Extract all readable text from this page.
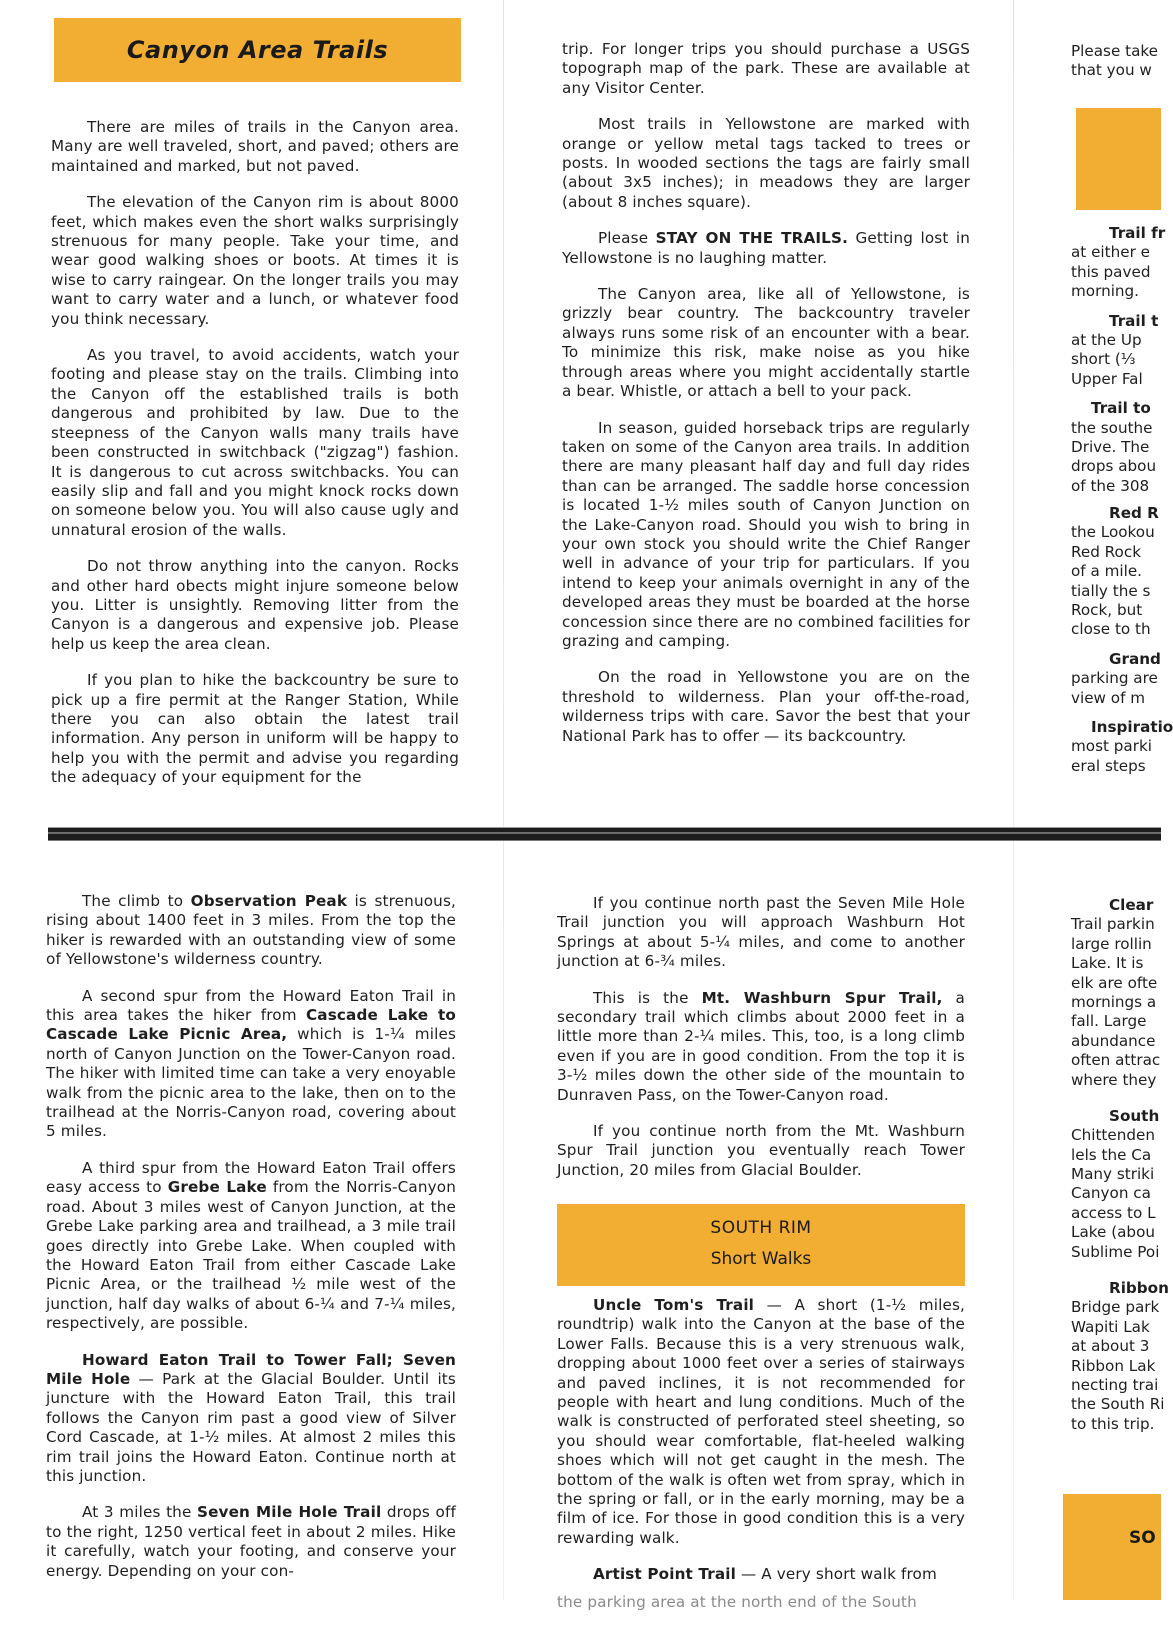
Canyon Area Trails

There are miles of trails in the Canyon area. Many are well traveled, short, and paved; others are maintained and marked, but not paved.

The elevation of the Canyon rim is about 8000 feet, which makes even the short walks surprisingly strenuous for many people. Take your time, and wear good walking shoes or boots. At times it is wise to carry raingear. On the longer trails you may want to carry water and a lunch, or whatever food you think necessary.

As you travel, to avoid accidents, watch your footing and please stay on the trails. Climbing into the Canyon off the established trails is both dangerous and prohibited by law. Due to the steepness of the Canyon walls many trails have been constructed in switchback ("zigzag") fashion. It is dangerous to cut across switchbacks. You can easily slip and fall and you might knock rocks down on someone below you. You will also cause ugly and unnatural erosion of the walls.

Do not throw anything into the canyon. Rocks and other hard obects might injure someone below you. Litter is unsightly. Removing litter from the Canyon is a dangerous and expensive job. Please help us keep the area clean.

If you plan to hike the backcountry be sure to pick up a fire permit at the Ranger Station, While there you can also obtain the latest trail information. Any person in uniform will be happy to help you with the permit and advise you regarding the adequacy of your equipment for the

trip. For longer trips you should purchase a USGS topograph map of the park. These are available at any Visitor Center.

Most trails in Yellowstone are marked with orange or yellow metal tags tacked to trees or posts. In wooded sections the tags are fairly small (about 3x5 inches); in meadows they are larger (about 8 inches square).

Please STAY ON THE TRAILS. Getting lost in Yellowstone is no laughing matter.

The Canyon area, like all of Yellowstone, is grizzly bear country. The backcountry traveler always runs some risk of an encounter with a bear. To minimize this risk, make noise as you hike through areas where you might accidentally startle a bear. Whistle, or attach a bell to your pack.

In season, guided horseback trips are regularly taken on some of the Canyon area trails. In addition there are many pleasant half day and full day rides than can be arranged. The saddle horse concession is located 1-½ miles south of Canyon Junction on the Lake-Canyon road. Should you wish to bring in your own stock you should write the Chief Ranger well in advance of your trip for particulars. If you intend to keep your animals overnight in any of the developed areas they must be boarded at the horse concession since there are no combined facilities for grazing and camping.

On the road in Yellowstone you are on the threshold to wilderness. Plan your off-the-road, wilderness trips with care. Savor the best that your National Park has to offer — its backcountry.

Please take
that you w
Trail fr
at either e
this paved
morning.
Trail t
at the Up
short (⅓
Upper Fal
Trail to
the southe
Drive. The
drops abou
of the 308
Red R
the Lookou
Red Rock
of a mile.
tially the s
Rock, but
close to th
Grand
parking are
view of m
Inspiratio
most parki
eral steps

The climb to Observation Peak is strenuous, rising about 1400 feet in 3 miles. From the top the hiker is rewarded with an outstanding view of some of Yellowstone's wilderness country.

A second spur from the Howard Eaton Trail in this area takes the hiker from Cascade Lake to Cascade Lake Picnic Area, which is 1-¼ miles north of Canyon Junction on the Tower-Canyon road. The hiker with limited time can take a very enoyable walk from the picnic area to the lake, then on to the trailhead at the Norris-Canyon road, covering about 5 miles.

A third spur from the Howard Eaton Trail offers easy access to Grebe Lake from the Norris-Canyon road. About 3 miles west of Canyon Junction, at the Grebe Lake parking area and trailhead, a 3 mile trail goes directly into Grebe Lake. When coupled with the Howard Eaton Trail from either Cascade Lake Picnic Area, or the trailhead ½ mile west of the junction, half day walks of about 6-¼ and 7-¼ miles, respectively, are possible.

Howard Eaton Trail to Tower Fall; Seven Mile Hole — Park at the Glacial Boulder. Until its juncture with the Howard Eaton Trail, this trail follows the Canyon rim past a good view of Silver Cord Cascade, at 1-½ miles. At almost 2 miles this rim trail joins the Howard Eaton. Continue north at this junction.

At 3 miles the Seven Mile Hole Trail drops off to the right, 1250 vertical feet in about 2 miles. Hike it carefully, watch your footing, and conserve your energy. Depending on your con-

If you continue north past the Seven Mile Hole Trail junction you will approach Washburn Hot Springs at about 5-¼ miles, and come to another junction at 6-¾ miles.

This is the Mt. Washburn Spur Trail, a secondary trail which climbs about 2000 feet in a little more than 2-¼ miles. This, too, is a long climb even if you are in good condition. From the top it is 3-½ miles down the other side of the mountain to Dunraven Pass, on the Tower-Canyon road.

If you continue north from the Mt. Washburn Spur Trail junction you eventually reach Tower Junction, 20 miles from Glacial Boulder.

SOUTH RIM
Short Walks

Uncle Tom's Trail — A short (1-½ miles, roundtrip) walk into the Canyon at the base of the Lower Falls. Because this is a very strenuous walk, dropping about 1000 feet over a series of stairways and paved inclines, it is not recommended for people with heart and lung conditions. Much of the walk is constructed of perforated steel sheeting, so you should wear comfortable, flat-heeled walking shoes which will not get caught in the mesh. The bottom of the walk is often wet from spray, which in the spring or fall, or in the early morning, may be a film of ice. For those in good condition this is a very rewarding walk.

Artist Point Trail — A very short walk from

the parking area at the north end of the South

Clear
Trail parkin
large rollin
Lake. It is
elk are ofte
mornings a
fall. Large
abundance
often attrac
where they
South
Chittenden
lels the Ca
Many striki
Canyon ca
access to L
Lake (abou
Sublime Poi
Ribbon
Bridge park
Wapiti Lak
at about 3
Ribbon Lak
necting trai
the South Ri
to this trip.
SO
